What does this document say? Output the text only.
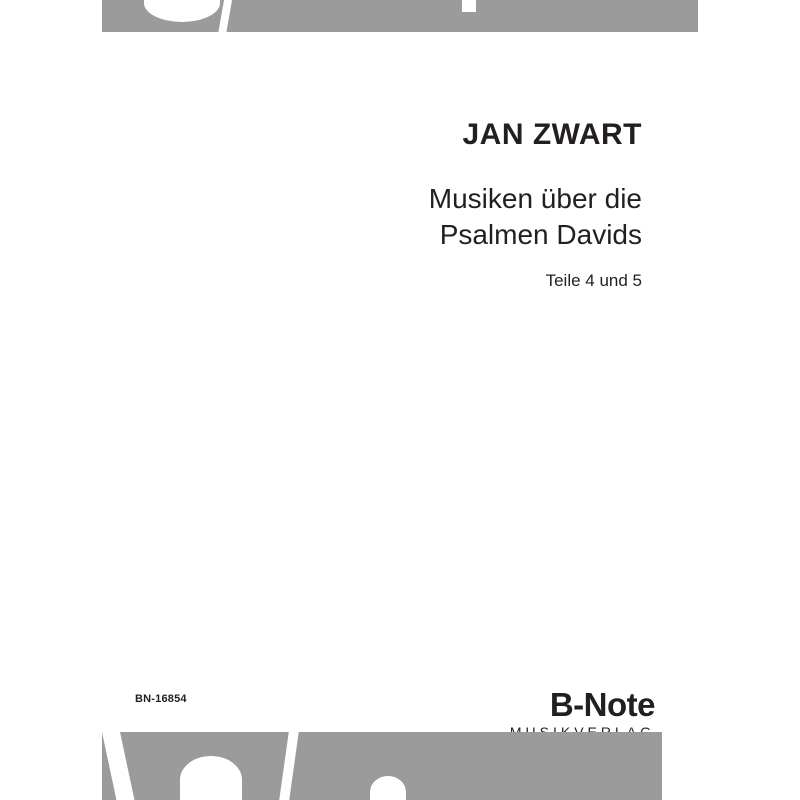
JAN ZWART

Musiken über die

Psalmen Davids

Teile 4 und 5

BN-16854	B-Note
